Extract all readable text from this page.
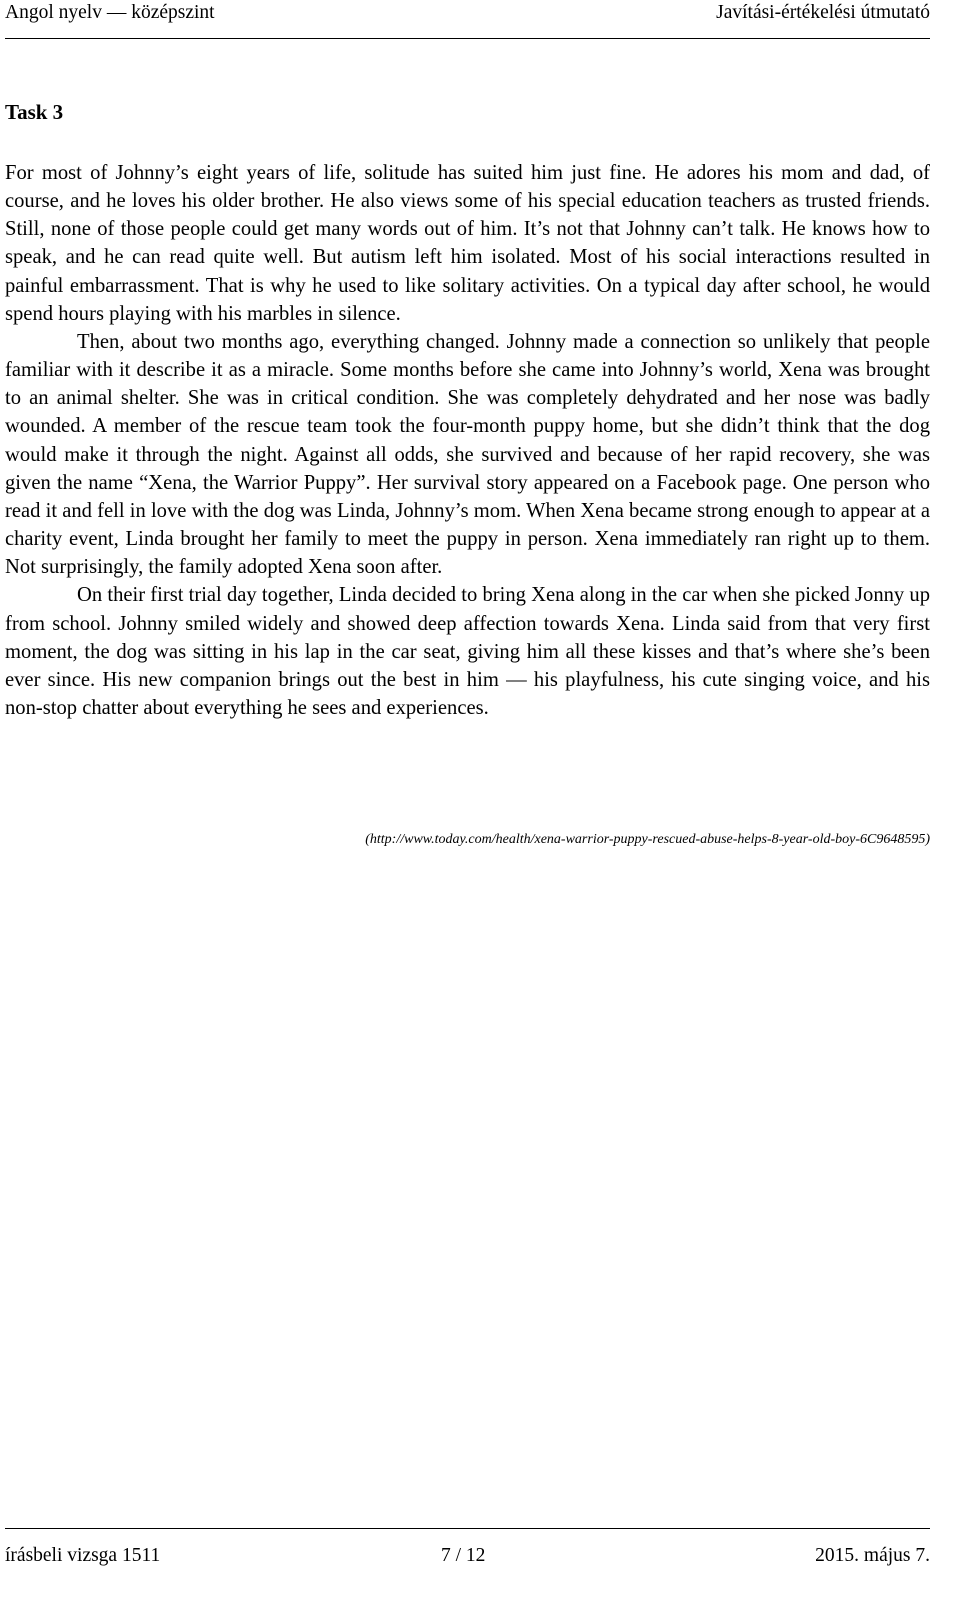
Angol nyelv — középszint	Javítási-értékelési útmutató
Task 3

For most of Johnny’s eight years of life, solitude has suited him just fine. He adores his mom and dad, of course, and he loves his older brother. He also views some of his special education teachers as trusted friends. Still, none of those people could get many words out of him. It’s not that Johnny can’t talk. He knows how to speak, and he can read quite well. But autism left him isolated. Most of his social interactions resulted in painful embarrassment. That is why he used to like solitary activities. On a typical day after school, he would spend hours playing with his marbles in silence.

Then, about two months ago, everything changed. Johnny made a connection so unlikely that people familiar with it describe it as a miracle. Some months before she came into Johnny’s world, Xena was brought to an animal shelter. She was in critical condition. She was completely dehydrated and her nose was badly wounded. A member of the rescue team took the four-month puppy home, but she didn’t think that the dog would make it through the night. Against all odds, she survived and because of her rapid recovery, she was given the name “Xena, the Warrior Puppy”. Her survival story appeared on a Facebook page. One person who read it and fell in love with the dog was Linda, Johnny’s mom. When Xena became strong enough to appear at a charity event, Linda brought her family to meet the puppy in person. Xena immediately ran right up to them. Not surprisingly, the family adopted Xena soon after.

On their first trial day together, Linda decided to bring Xena along in the car when she picked Jonny up from school. Johnny smiled widely and showed deep affection towards Xena. Linda said from that very first moment, the dog was sitting in his lap in the car seat, giving him all these kisses and that’s where she’s been ever since. His new companion brings out the best in him — his playfulness, his cute singing voice, and his non-stop chatter about everything he sees and experiences.

(http://www.today.com/health/xena-warrior-puppy-rescued-abuse-helps-8-year-old-boy-6C9648595)
írásbeli vizsga 1511	7 / 12	2015. május 7.
